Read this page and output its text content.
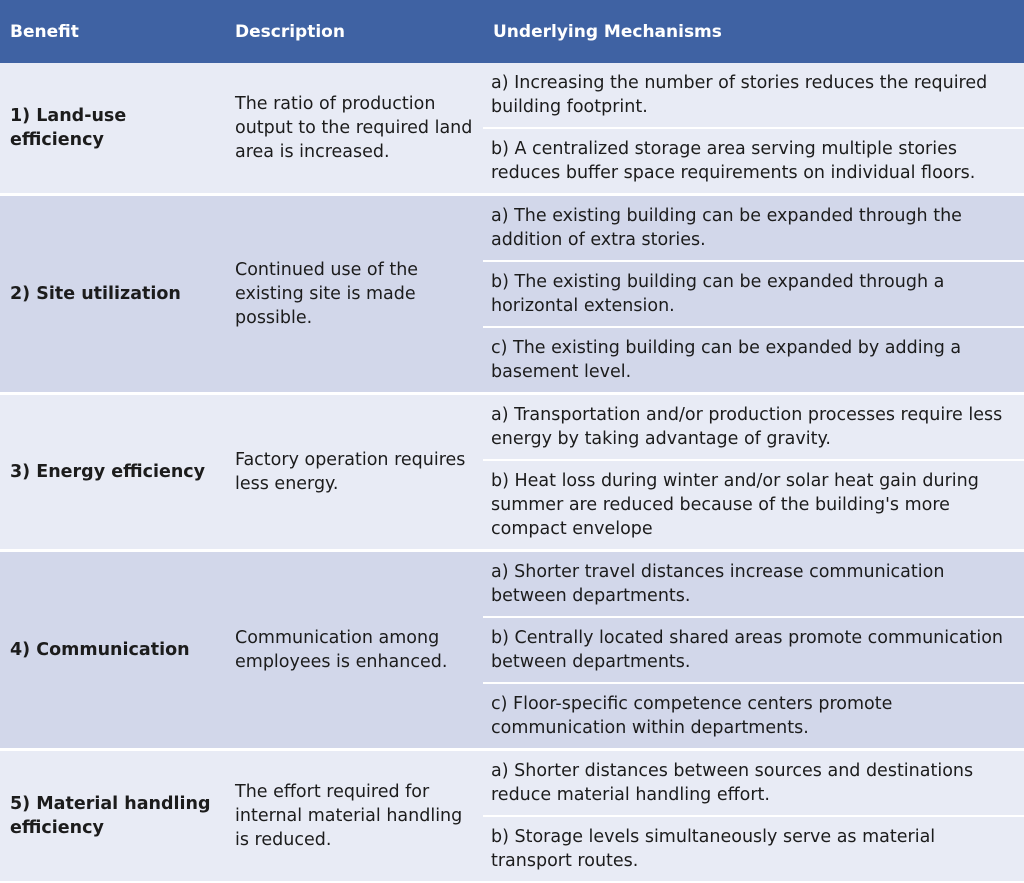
Benefit	Description	Underlying Mechanisms
1) Land-use efficiency	The ratio of production output to the required land area is increased.	a) Increasing the number of stories reduces the required building footprint.
		b) A centralized storage area serving multiple stories reduces buffer space requirements on individual floors.
2) Site utilization	Continued use of the existing site is made possible.	a) The existing building can be expanded through the addition of extra stories.
		b) The existing building can be expanded through a horizontal extension.
		c) The existing building can be expanded by adding a basement level.
3) Energy efficiency	Factory operation requires less energy.	a) Transportation and/or production processes require less energy by taking advantage of gravity.
		b) Heat loss during winter and/or solar heat gain during summer are reduced because of the building's more compact envelope
4) Communication	Communication among employees is enhanced.	a) Shorter travel distances increase communication between departments.
		b) Centrally located shared areas promote communication between departments.
		c) Floor-specific competence centers promote communication within departments.
5) Material handling efficiency	The effort required for internal material handling is reduced.	a) Shorter distances between sources and destinations reduce material handling effort.
		b) Storage levels simultaneously serve as material transport routes.
